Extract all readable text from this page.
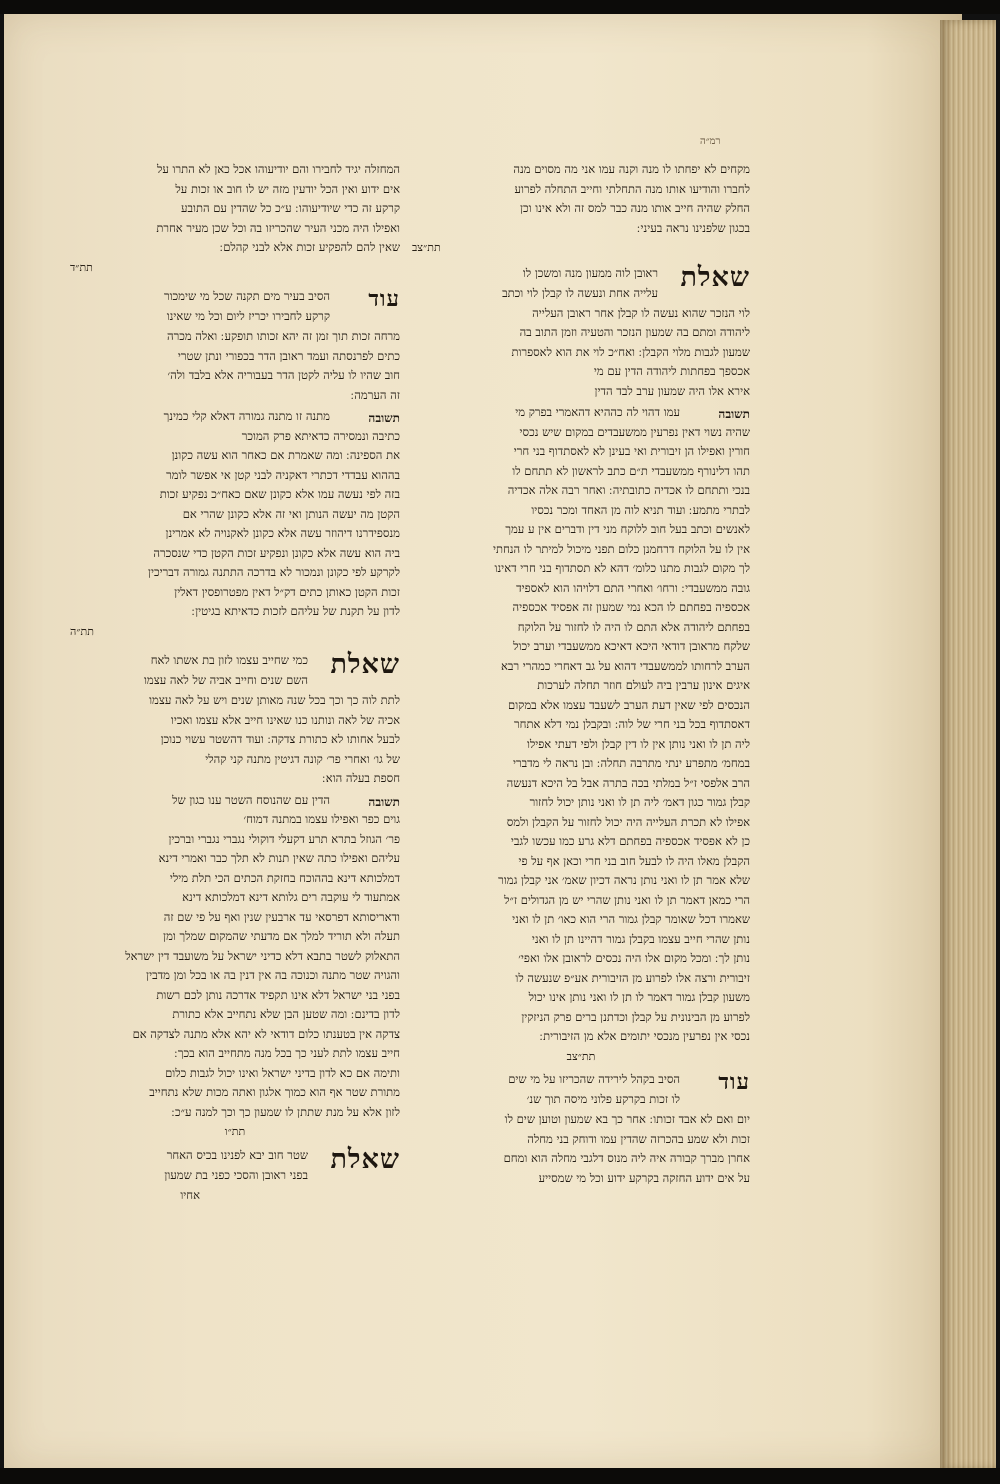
רמ״ה
מקחים לא יפחתו לו מנה וקנה עמו אני מה מסוים מנה
לחברו והודיעו אותו מנה התחלתי וחייב התחלה לפרוע
החלק שהיה חייב אותו מנה כבר למס זה ולא אינו וכן
בכגון שלפנינו נראה בעיני ׃
תת״צב
שאלת
ראובן לוה ממעון מנה ומשכן לו
עלייה אחת ונעשה לו קבלן לוי וכתב
לוי הנזכר שהוא נעשה לו קבלן אחר ראובן העלייה
ליהודה ומתם בה שמעון הנזכר והטעיה וזמן התוב בה
שמעון לגבות מלוי הקבלן ׃ ואח״כ לוי את הוא לאספרות
אכספך בפחתות ליהודה הדין עם מי
אירא אלו היה שמעון ערב לבד הדין
תשובה
עמו דהוי לה כההיא דהאמרי בפרק מי
שהיה נשוי דאין נפרעין ממשעבדים במקום שיש נכסי
חורין ואפילו הן זיבורית ואי בעינן לא לאסתדוף בני חרי
תהו דלינורף ממשעבדי ת״ם כתב לראשון לא תתחם לו
בנכי ותתחם לו אכדיה כתובתיה ׃ ואחר רבה אלה אכדיה
לבתרי מתמע ׃ ועוד תניא לוה מן האחד ומכר נכסיו
לאנשים וכתב בעל חוב ללוקח מני דין ודברים אין ע עמך
אין לו על הלוקח דרחמנן כלום תפני מיכול למיתר לו הנחתי
לך מקום לגבות מתנו כלומ׳ דהא לא תסתדוף בני חרי דאינו
גובה ממשעבדי ׃ ורחו׳ ואחרי התם דלויהו הוא לאספיד
אכספיה בפחתם לו הכא נמי שמעון זה אפסיד אכספיה
בפחתם ליהודה אלא התם לו היה לו לחזור על הלוקח
שלקח מראובן דודאי היכא דאיכא ממשעבדי וערב יכול
הערב לרחותו לממשעבדי דהוא על גב דאחרי כמהרי רבא
איגים אינון ערבין ביה לעולם חוזר תחלה לערכות
הנכסים לפי שאין דעת הערב לשעבד עצמו אלא במקום
דאסתדוף בכל בני חרי של לוה ׃ ובקבלן נמי דלא אתחר
ליה תן לו ואני נותן אין לו דין קבלן ולפי דעתי אפילו
במחמ׳ מתפרע ינתי מתרבה תחלה ׃ ובן נראה לי מדברי
הרב אלפסי ז״ל במלתי בכה בתרה אבל בל היכא דנעשה
קבלן גמור כגון דאמ׳ ליה תן לו ואני נותן יכול לחזור
אפילו לא תכרת העלייה היה יכול לחזור על הקבלן ולמס
כן לא אפסיד אכספיה בפחתם דלא גרע כמו עכשו לגבי
הקבלן מאלו היה לו לבעל חוב בני חרי וכאן אף על פי
שלא אמר תן לו ואני נותן נראה דכיון שאמ׳ אני קבלן גמור
הרי כמאן דאמר תן לו ואני נותן שהרי יש מן הגדולים ז״ל
שאמרו דכל שאומר קבלן גמור הרי הוא כאו׳ תן לו ואני
נותן שהרי חייב עצמו בקבלן גמור דהיינו תן לו ואני
נותן לך ׃ ומכל מקום אלו היה נכסים לראובן אלו ואפי׳
זיבורית ורצה אלו לפרוע מן הזיבורית אע״פ שנעשה לו
משעון קבלן גמור דאמר לו תן לו ואני נותן אינו יכול
לפרוע מן הבינונית על קבלן וכדתנן ברים פרק הניזקין
נכסי אין נפרעין מנכסי יתומים אלא מן הזיבורית ׃
תת״צב
עוד
הסיב בקהל לירידה שהכריזו על מי שים
לו זכות בקרקע פלוני מיסה תוך שנ׳
יום ואם לא אבד זכותו ׃ אחר כך בא שמעון וטוען שים לו
זכות ולא שמע בהכרזה שהדין עמו ודוחק בני מחלה
אחרן מברך קבורה איה ליה מנוס דלגבי מחלה הוא ומחם
על אים ידוע החזקה בקרקע ידוע וכל מי שמסייע
המחזלה יגיד לחבירו והם יודיעוהו אכל כאן לא התרו על
אים ידוע ואין הכל יודעין מזה יש לו חוב או זכות על
קרקע זה כדי שיודיעוהו ׃ ע״כ כל שהדין עם התובע
ואפילו היה מכני העיר שהכריזו בה וכל שכן מעיר אחרת
שאין להם להפקיע זכות אלא לבני קהלם ׃
תת״ד
עוד
הסיב בעיר מים תקנה שכל מי שימכור
קרקע לחבירו יכריז ליום וכל מי שאינו
מרחה זכות תוך זמן זה יהא זכותו תופקע ׃ ואלה מכרה
כתים לפרנסתה ועמד ראובן הדר בכפורי ונתן שטרי
חוב שהיו לו עליה לקטן הדר בעבוריה אלא בלבד ולה׳
זה הערמה ׃
תשובה
מתנה זו מתנה גמורה דאלא קלי כמינך
כתיבה ונמסירה כדאיתא פרק המוכר
את הספינה ׃ ומה שאמרת אם כאחר הוא עשה כקונן
בההוא עבדדי דכתרי דאקניה לבני קטן אי אפשר לומר
בזה לפי נעשה עמו אלא כקונן שאם כאח״כ נפקיע זכות
הקטן מה יעשה הנותן ואי זה אלא כקונן שהרי אם
מנספידרנו דיהוזר עשה אלא כקונן לאקנויה לא אמרינן
ביה הוא עשה אלא כקונן ונפקיע זכות הקטן כדי שנסכרה
לקרקע לפי כקונן ונמכור לא בדרכה התתנה גמורה דבריכין
זכות הקטן כאותן כתים דק״ל דאין מפטרופסין דאלין
לדון על תקנת של עליהם לזכות כדאיתא בגיטין ׃
תת״ה
שאלת
כמי שחייב עצמו לזון בת אשתו לאח
השם שנים וחייב אביה של לאה עצמו
לתת לוה כך וכך בכל שנה מאותן שנים ויש על לאה עצמו
אכיה של לאה ונותנו כנו שאינו חייב אלא עצמו ואכיו
לבעל אחותו לא כתורת צדקה ׃ ועוד דהשטר עשוי כנוכן
של גו׳ ואחרי פר׳ קונה דגיטין מתנה קני קהלי
חספת בעלה הוא ׃
תשובה
הדין עם שהנוסח השטר ענו כגון של
גוים כפר ואפילו עצמו במתנה דמוח׳
פר׳ הגוזל בתרא תרע דקעלי דוקולי נגברי נגברי וברכין
עליהם ואפילו כתה שאין תנות לא תלך כבר ואמרי דינא
דמלכותא דינא בההוכח בחזקת הכתים הכי תלת מילי
אמתעוד לי עוקבה רים גלותא דינא דמלכותא דינא
ודאריסותא דפרסאי עד ארבעין שנין ואף על פי שם זה
תעלה ולא תוריד למלך אם מדעתי שהמקום שמלך ומן
התאלוק לשטר בתבא דלא כדיני ישראל על משועבד דין ישראל
והגויה שטר מתנה וכנוכה בה אין דנין בה או בכל ומן מדבין
בפני בני ישראל דלא אינו תקפיד אדרכה נותן לכם רשות
לדון בדינם ׃ ומה שטען הבן שלא נתחייב אלא כתורת
צדקה אין בטענתו כלום דודאי לא יהא אלא מתנה לצדקה אם
חייב עצמו לתת לעני כך בכל מנה מתחייב הוא בכך ׃
ותימה אם כא לדון בדיני ישראל ואינו יכול לגבות כלום
מתורת שטר אף הוא כמוך אלגון ואתה מכות שלא נתחייב
לזון אלא על מנת שתתן לו שמעון כך וכך למנה ע״כ ׃
תת״ו
שאלת
שטר חוב יבא לפנינו בכיס האחר
בפני ראובן והסכי כפני בת שמעון
אחיו
